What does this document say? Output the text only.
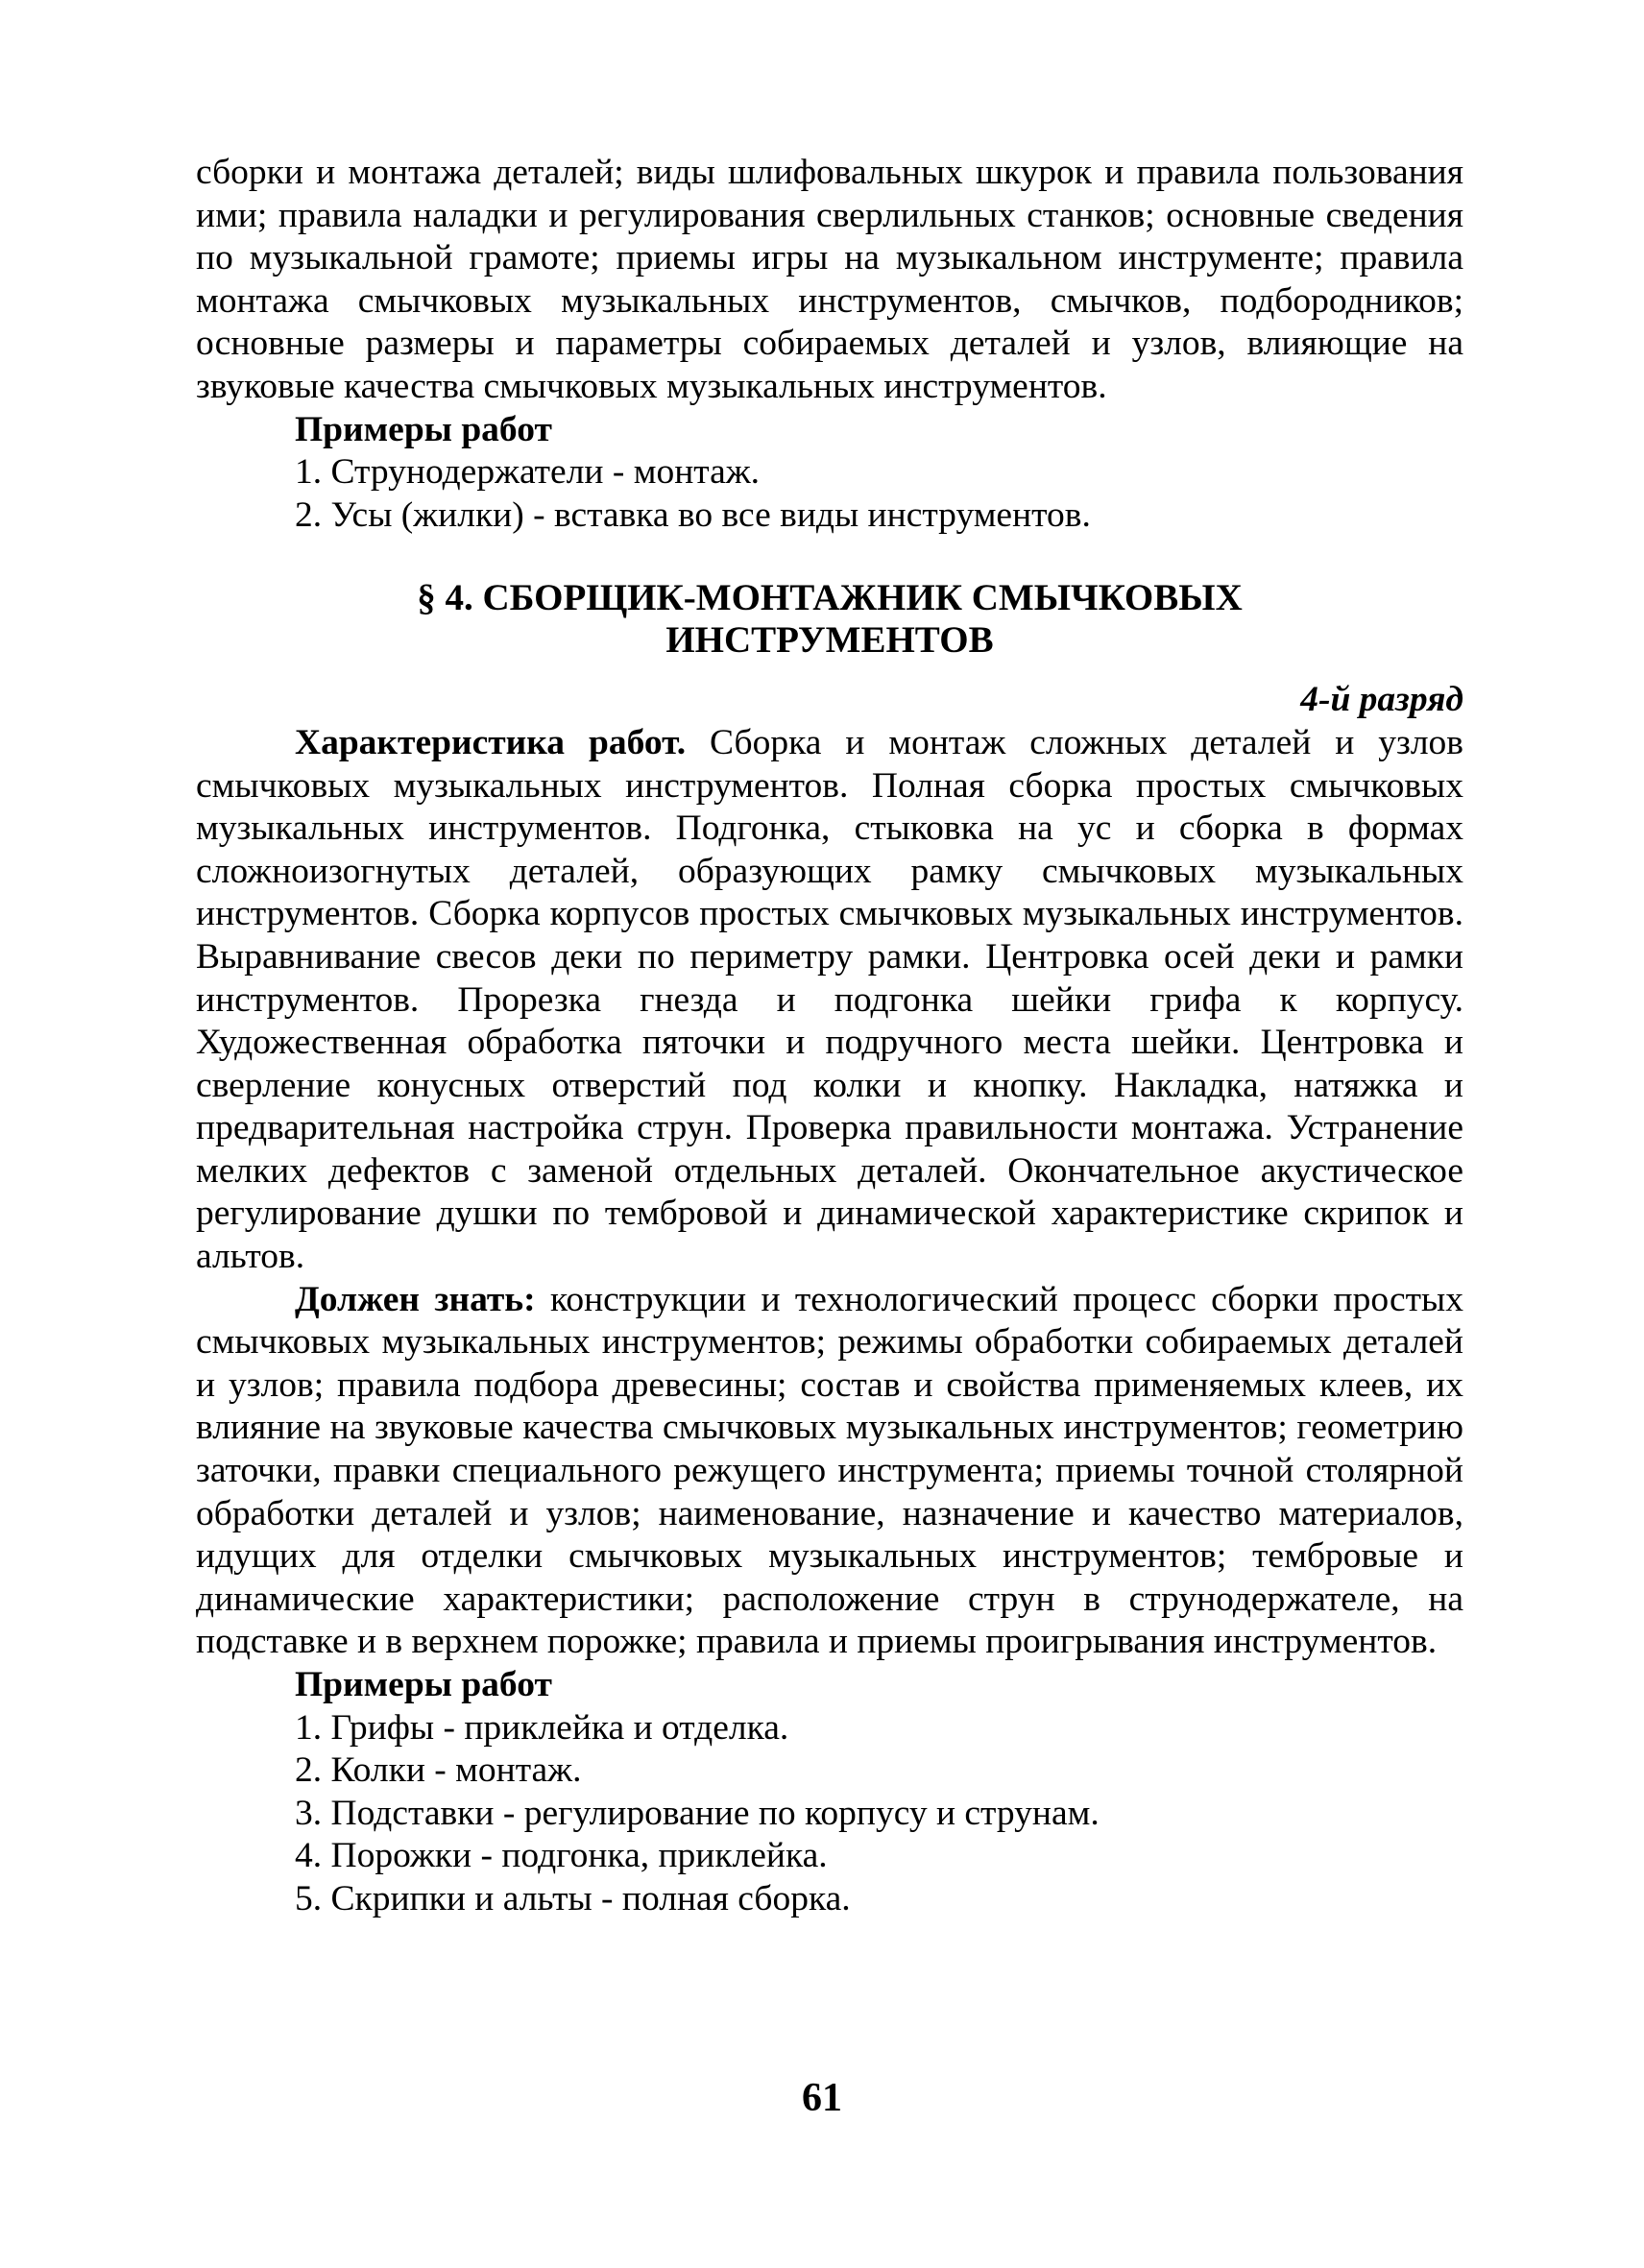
сборки и монтажа деталей; виды шлифовальных шкурок и правила пользования ими; правила наладки и регулирования сверлильных станков; основные сведения по музыкальной грамоте; приемы игры на музыкальном инструменте; правила монтажа смычковых музыкальных инструментов, смычков, подбородников; основные размеры и параметры собираемых деталей и узлов, влияющие на звуковые качества смычковых музыкальных инструментов.

Примеры работ

1. Струнодержатели - монтаж.
2. Усы (жилки) - вставка во все виды инструментов.
§ 4. СБОРЩИК-МОНТАЖНИК СМЫЧКОВЫХ
ИНСТРУМЕНТОВ

4-й разряд

Характеристика работ. Сборка и монтаж сложных деталей и узлов смычковых музыкальных инструментов. Полная сборка простых смычковых музыкальных инструментов. Подгонка, стыковка на ус и сборка в формах сложноизогнутых деталей, образующих рамку смычковых музыкальных инструментов. Сборка корпусов простых смычковых музыкальных инструментов. Выравнивание свесов деки по периметру рамки. Центровка осей деки и рамки инструментов. Прорезка гнезда и подгонка шейки грифа к корпусу. Художественная обработка пяточки и подручного места шейки. Центровка и сверление конусных отверстий под колки и кнопку. Накладка, натяжка и предварительная настройка струн. Проверка правильности монтажа. Устранение мелких дефектов с заменой отдельных деталей. Окончательное акустическое регулирование душки по тембровой и динамической характеристике скрипок и альтов.

Должен знать: конструкции и технологический процесс сборки простых смычковых музыкальных инструментов; режимы обработки собираемых деталей и узлов; правила подбора древесины; состав и свойства применяемых клеев, их влияние на звуковые качества смычковых музыкальных инструментов; геометрию заточки, правки специального режущего инструмента; приемы точной столярной обработки деталей и узлов; наименование, назначение и качество материалов, идущих для отделки смычковых музыкальных инструментов; тембровые и динамические характеристики; расположение струн в струнодержателе, на подставке и в верхнем порожке; правила и приемы проигрывания инструментов.

Примеры работ

1. Грифы - приклейка и отделка.
2. Колки - монтаж.
3. Подставки - регулирование по корпусу и струнам.
4. Порожки - подгонка, приклейка.
5. Скрипки и альты - полная сборка.
61
